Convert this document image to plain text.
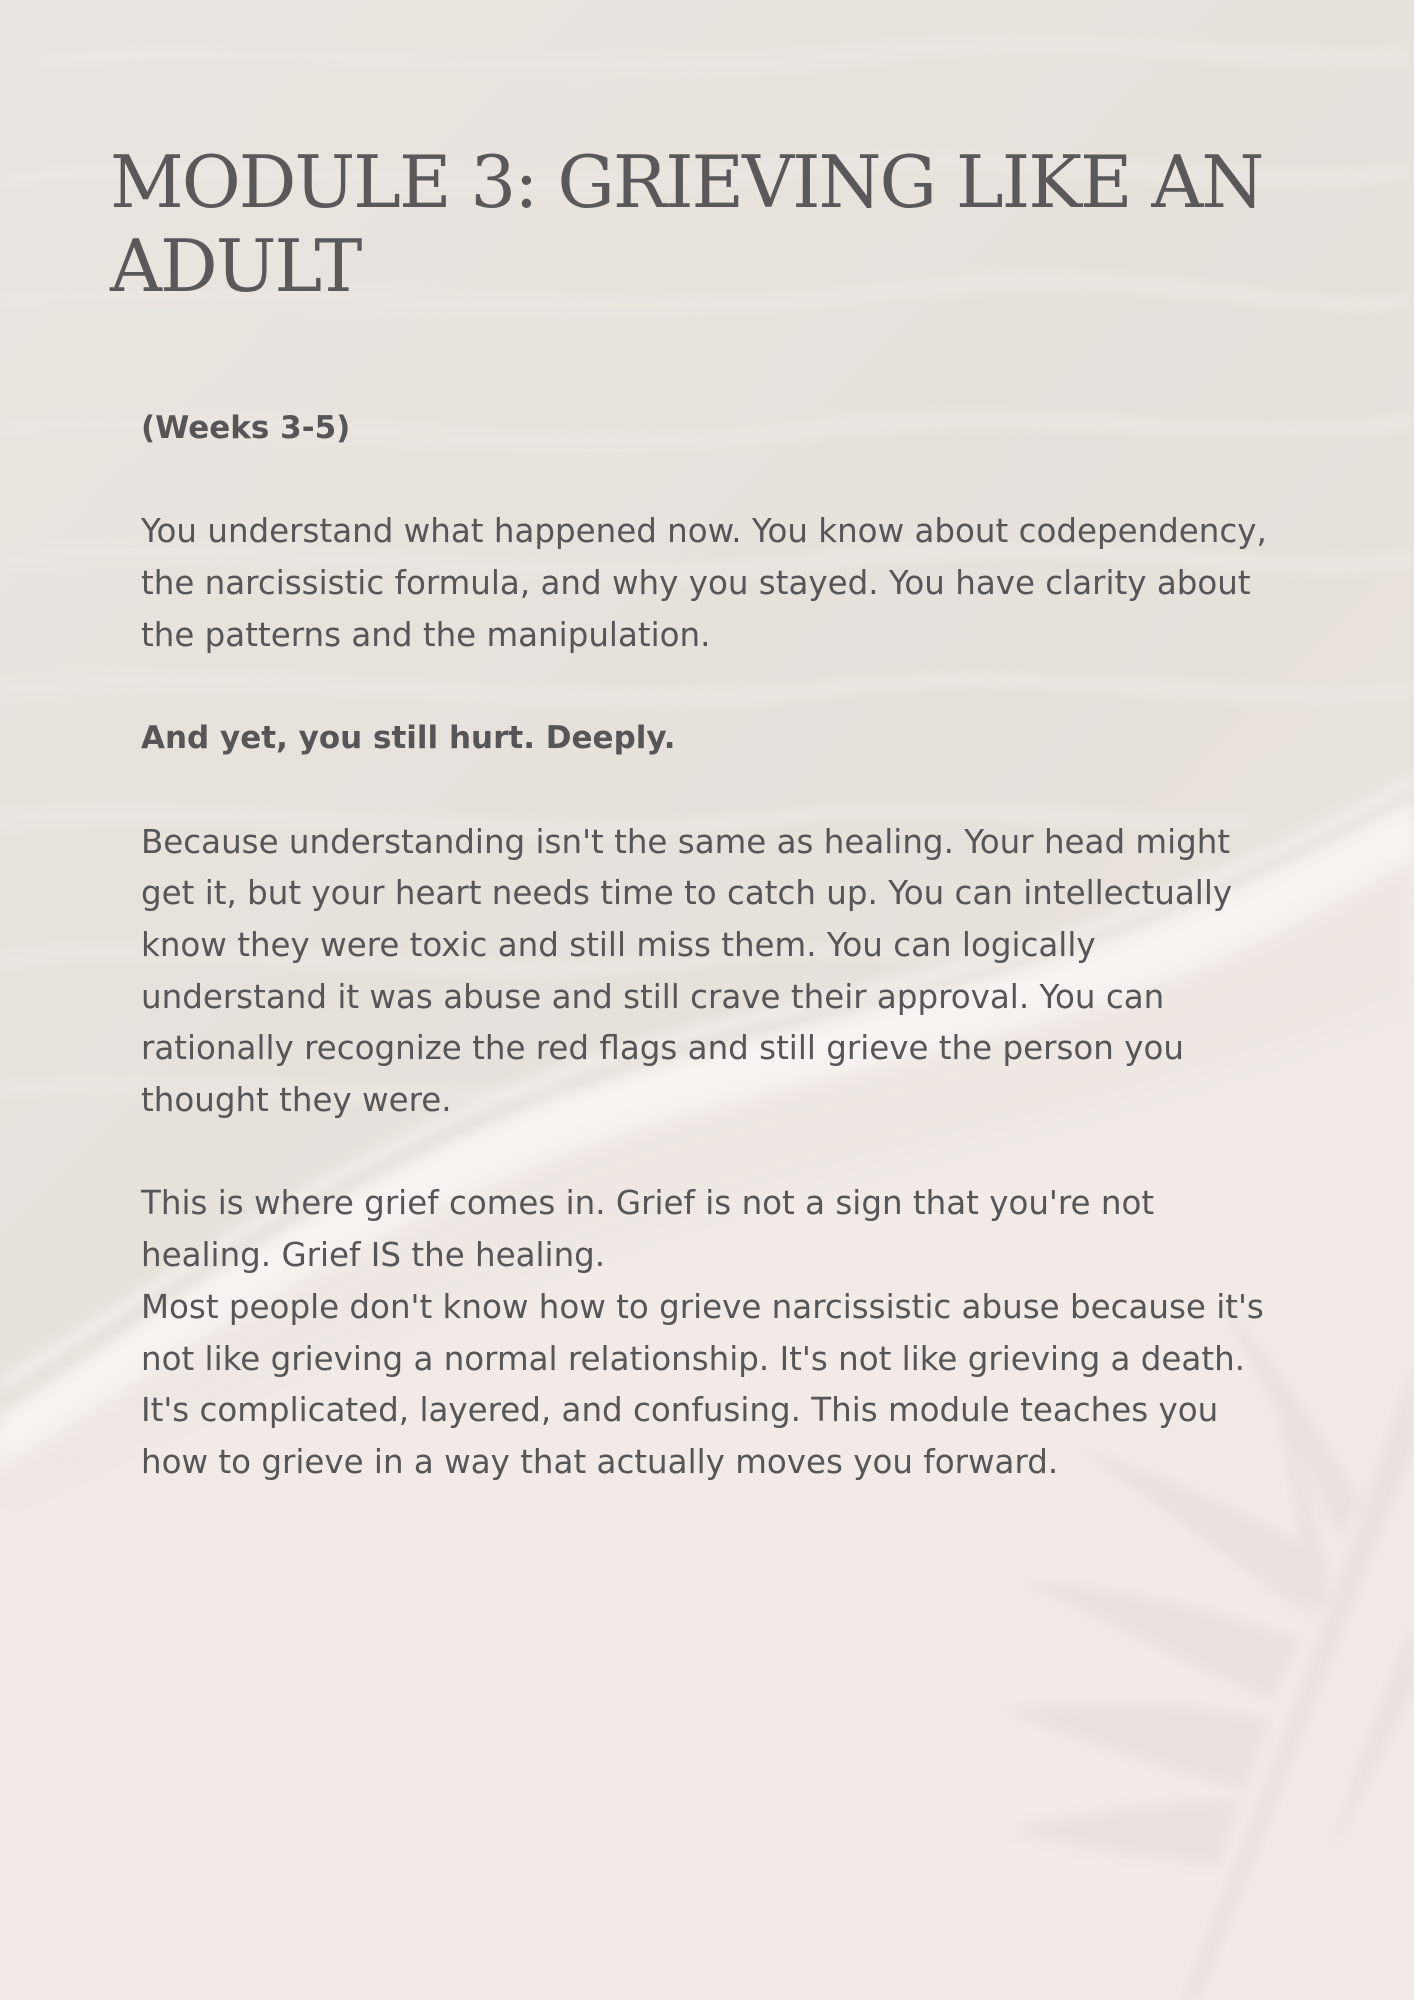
MODULE 3: GRIEVING LIKE AN ADULT

(Weeks 3-5)

You understand what happened now. You know about codependency, the narcissistic formula, and why you stayed. You have clarity about the patterns and the manipulation.

And yet, you still hurt. Deeply.

Because understanding isn't the same as healing. Your head might get it, but your heart needs time to catch up. You can intellectually know they were toxic and still miss them. You can logically understand it was abuse and still crave their approval. You can rationally recognize the red flags and still grieve the person you thought they were.

This is where grief comes in. Grief is not a sign that you're not healing. Grief IS the healing.

Most people don't know how to grieve narcissistic abuse because it's not like grieving a normal relationship. It's not like grieving a death. It's complicated, layered, and confusing. This module teaches you how to grieve in a way that actually moves you forward.
